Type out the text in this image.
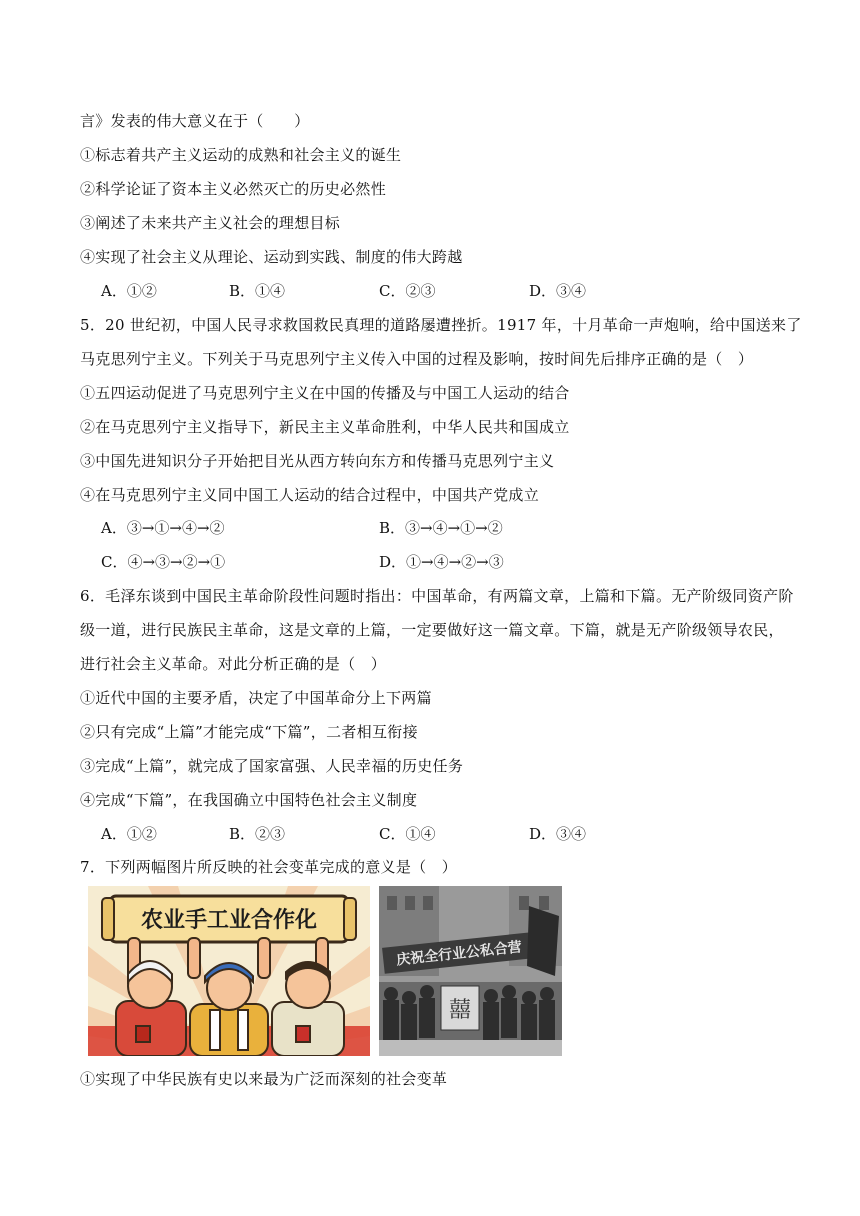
言》发表的伟大意义在于（　　）
①标志着共产主义运动的成熟和社会主义的诞生
②科学论证了资本主义必然灭亡的历史必然性
③阐述了未来共产主义社会的理想目标
④实现了社会主义从理论、运动到实践、制度的伟大跨越
A．①②	B．①④	C．②③	D．③④
5．20 世纪初，中国人民寻求救国救民真理的道路屡遭挫折。1917 年，十月革命一声炮响，给中国送来了
马克思列宁主义。下列关于马克思列宁主义传入中国的过程及影响，按时间先后排序正确的是（　）
①五四运动促进了马克思列宁主义在中国的传播及与中国工人运动的结合
②在马克思列宁主义指导下，新民主主义革命胜利，中华人民共和国成立
③中国先进知识分子开始把目光从西方转向东方和传播马克思列宁主义
④在马克思列宁主义同中国工人运动的结合过程中，中国共产党成立
A．③→①→④→②	B．③→④→①→②
C．④→③→②→①	D．①→④→②→③
6．毛泽东谈到中国民主革命阶段性问题时指出：中国革命，有两篇文章，上篇和下篇。无产阶级同资产阶
级一道，进行民族民主革命，这是文章的上篇，一定要做好这一篇文章。下篇，就是无产阶级领导农民，
进行社会主义革命。对此分析正确的是（　）
①近代中国的主要矛盾，决定了中国革命分上下两篇
②只有完成“上篇”才能完成“下篇”，二者相互衔接
③完成“上篇”，就完成了国家富强、人民幸福的历史任务
④完成“下篇”，在我国确立中国特色社会主义制度
A．①②	B．②③	C．①④	D．③④
7．下列两幅图片所反映的社会变革完成的意义是（　）
农业手工业合作化
庆祝全行业公私合营
囍
①实现了中华民族有史以来最为广泛而深刻的社会变革
